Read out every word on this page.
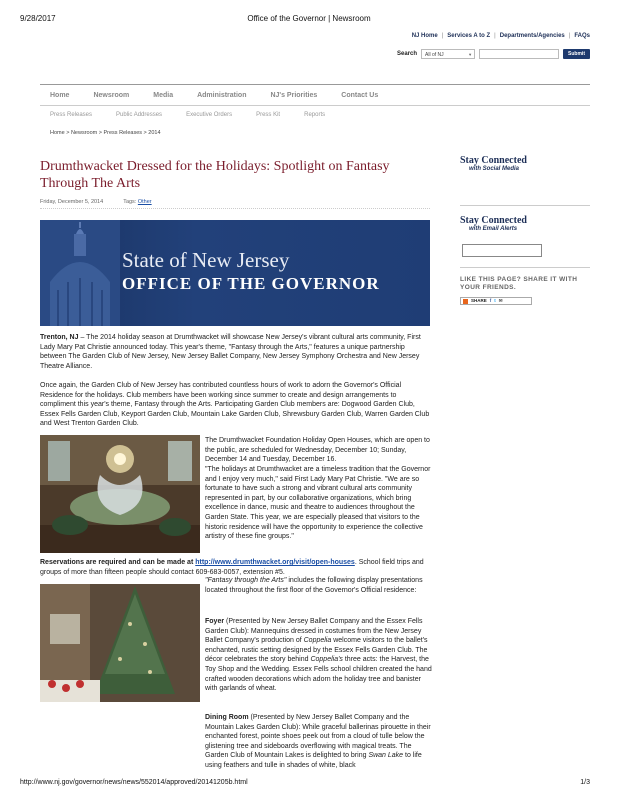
9/28/2017	Office of the Governor | Newsroom
NJ Home | Services A to Z | Departments/Agencies | FAQs
Search	All of NJ ▼	Submit
Home	Newsroom	Media	Administration	NJ's Priorities	Contact Us
Press Releases	Public Addresses	Executive Orders	Press Kit	Reports
Home > Newsroom > Press Releases > 2014
Drumthwacket Dressed for the Holidays: Spotlight on Fantasy Through The Arts
Friday, December 5, 2014	Tags: Other
State of New Jersey
OFFICE OF THE GOVERNOR
Stay Connected
with Social Media
Stay Connected
with Email Alerts
LIKE THIS PAGE? SHARE IT WITH YOUR FRIENDS.
SHARE f t ✉
Trenton, NJ – The 2014 holiday season at Drumthwacket will showcase New Jersey's vibrant cultural arts community, First Lady Mary Pat Christie announced today. This year's theme, "Fantasy through the Arts," features a unique partnership between The Garden Club of New Jersey, New Jersey Ballet Company, New Jersey Symphony Orchestra and New Jersey Theatre Alliance.
Once again, the Garden Club of New Jersey has contributed countless hours of work to adorn the Governor's Official Residence for the holidays. Club members have been working since summer to create and design arrangements to compliment this year's theme, Fantasy through the Arts. Participating Garden Club members are: Dogwood Garden Club, Essex Fells Garden Club, Keyport Garden Club, Mountain Lake Garden Club, Shrewsbury Garden Club, Warren Garden Club and West Trenton Garden Club.
The Drumthwacket Foundation Holiday Open Houses, which are open to the public, are scheduled for Wednesday, December 10; Sunday, December 14 and Tuesday, December 16.
"The holidays at Drumthwacket are a timeless tradition that the Governor and I enjoy very much," said First Lady Mary Pat Christie. "We are so fortunate to have such a strong and vibrant cultural arts community represented in part, by our collaborative organizations, which bring excellence in dance, music and theatre to audiences throughout the Garden State. This year, we are especially pleased that visitors to the historic residence will have the opportunity to experience the collective artistry of these fine groups."
Reservations are required and can be made at http://www.drumthwacket.org/visit/open-houses. School field trips and groups of more than fifteen people should contact 609-683-0057, extension #5.
"Fantasy through the Arts" includes the following display presentations located throughout the first floor of the Governor's Official residence:
Foyer (Presented by New Jersey Ballet Company and the Essex Fells Garden Club): Mannequins dressed in costumes from the New Jersey Ballet Company's production of Coppelia welcome visitors to the ballet's enchanted, rustic setting designed by the Essex Fells Garden Club. The décor celebrates the story behind Coppelia's three acts: the Harvest, the Toy Shop and the Wedding. Essex Fells school children created the hand crafted wooden decorations which adorn the holiday tree and banister with garlands of wheat.
Dining Room (Presented by New Jersey Ballet Company and the Mountain Lakes Garden Club): While graceful ballerinas pirouette in their enchanted forest, pointe shoes peek out from a cloud of tulle below the glistening tree and sideboards overflowing with magical treats. The Garden Club of Mountain Lakes is delighted to bring Swan Lake to life using feathers and tulle in shades of white, black
http://www.nj.gov/governor/news/news/552014/approved/20141205b.html	1/3
